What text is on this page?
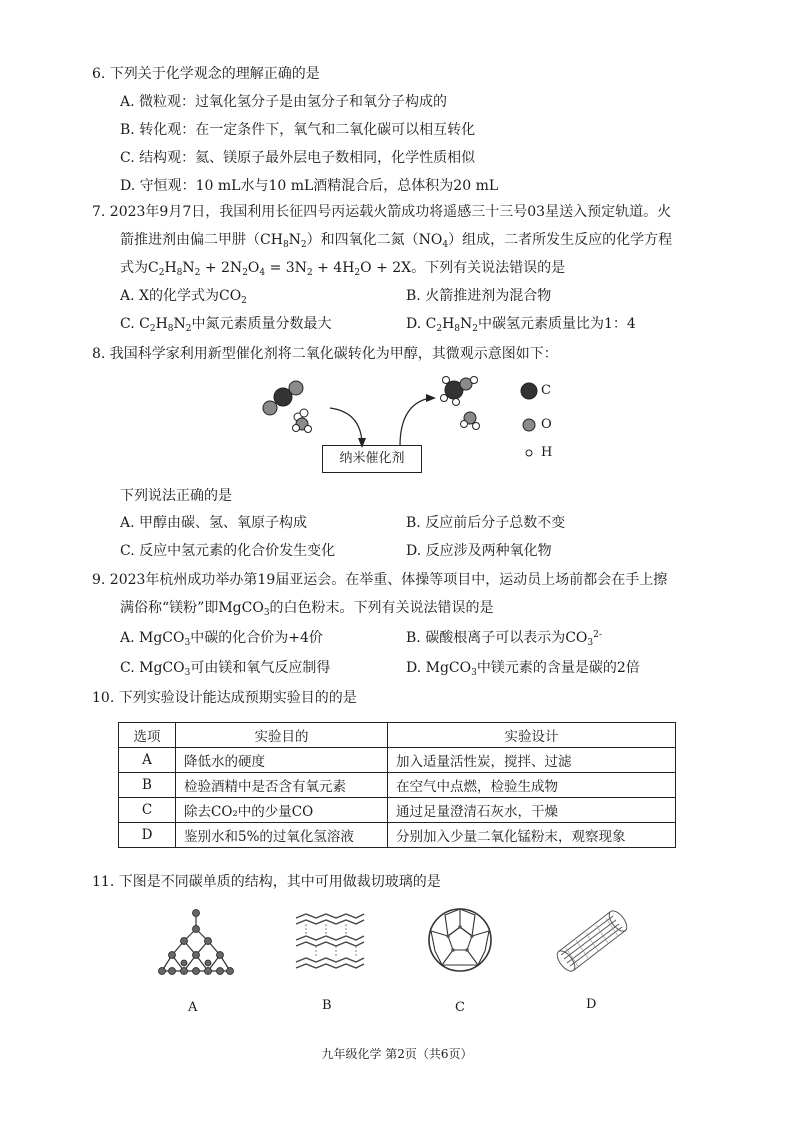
6. 下列关于化学观念的理解正确的是
A. 微粒观：过氧化氢分子是由氢分子和氧分子构成的
B. 转化观：在一定条件下，氧气和二氧化碳可以相互转化
C. 结构观：氦、镁原子最外层电子数相同，化学性质相似
D. 守恒观：10 mL水与10 mL酒精混合后，总体积为20 mL
7. 2023年9月7日，我国利用长征四号丙运载火箭成功将遥感三十三号03星送入预定轨道。火
箭推进剂由偏二甲肼$(CH_8N_2)$和四氧化二氮$(NO_4)$组成，二者所发生反应的化学方程
式为$C_2H_8N_2 + 2N_2O_4 = 3N_2 + 4H_2O + 2X$。下列有关说法错误的是
A. X的化学式为$CO_2$	B. 火箭推进剂为混合物
C. $C_2H_8N_2$中氮元素质量分数最大	D. $C_2H_8N_2$中碳氢元素质量比为1：4
8. 我国科学家利用新型催化剂将二氧化碳转化为甲醇，其微观示意图如下：
C
O
H
纳米催化剂
下列说法正确的是
A. 甲醇由碳、氢、氧原子构成	B. 反应前后分子总数不变
C. 反应中氢元素的化合价发生变化	D. 反应涉及两种氧化物
9. 2023年杭州成功举办第19届亚运会。在举重、体操等项目中，运动员上场前都会在手上擦
满俗称“镁粉”即MgCO$_3$的白色粉末。下列有关说法错误的是
A. MgCO$_3$中碳的化合价为+4价	B. 碳酸根离子可以表示为$CO_3^{2-}$
C. MgCO$_3$可由镁和氧气反应制得	D. MgCO$_3$中镁元素的含量是碳的2倍
10. 下列实验设计能达成预期实验目的的是
选项	实验目的	实验设计
A	降低水的硬度	加入适量活性炭，搅拌、过滤
B	检验酒精中是否含有氧元素	在空气中点燃，检验生成物
C	除去CO₂中的少量CO	通过足量澄清石灰水，干燥
D	鉴别水和5%的过氧化氢溶液	分别加入少量二氧化锰粉末，观察现象
11. 下图是不同碳单质的结构，其中可用做裁切玻璃的是
A	B	C	D
九年级化学 第2页（共6页）
